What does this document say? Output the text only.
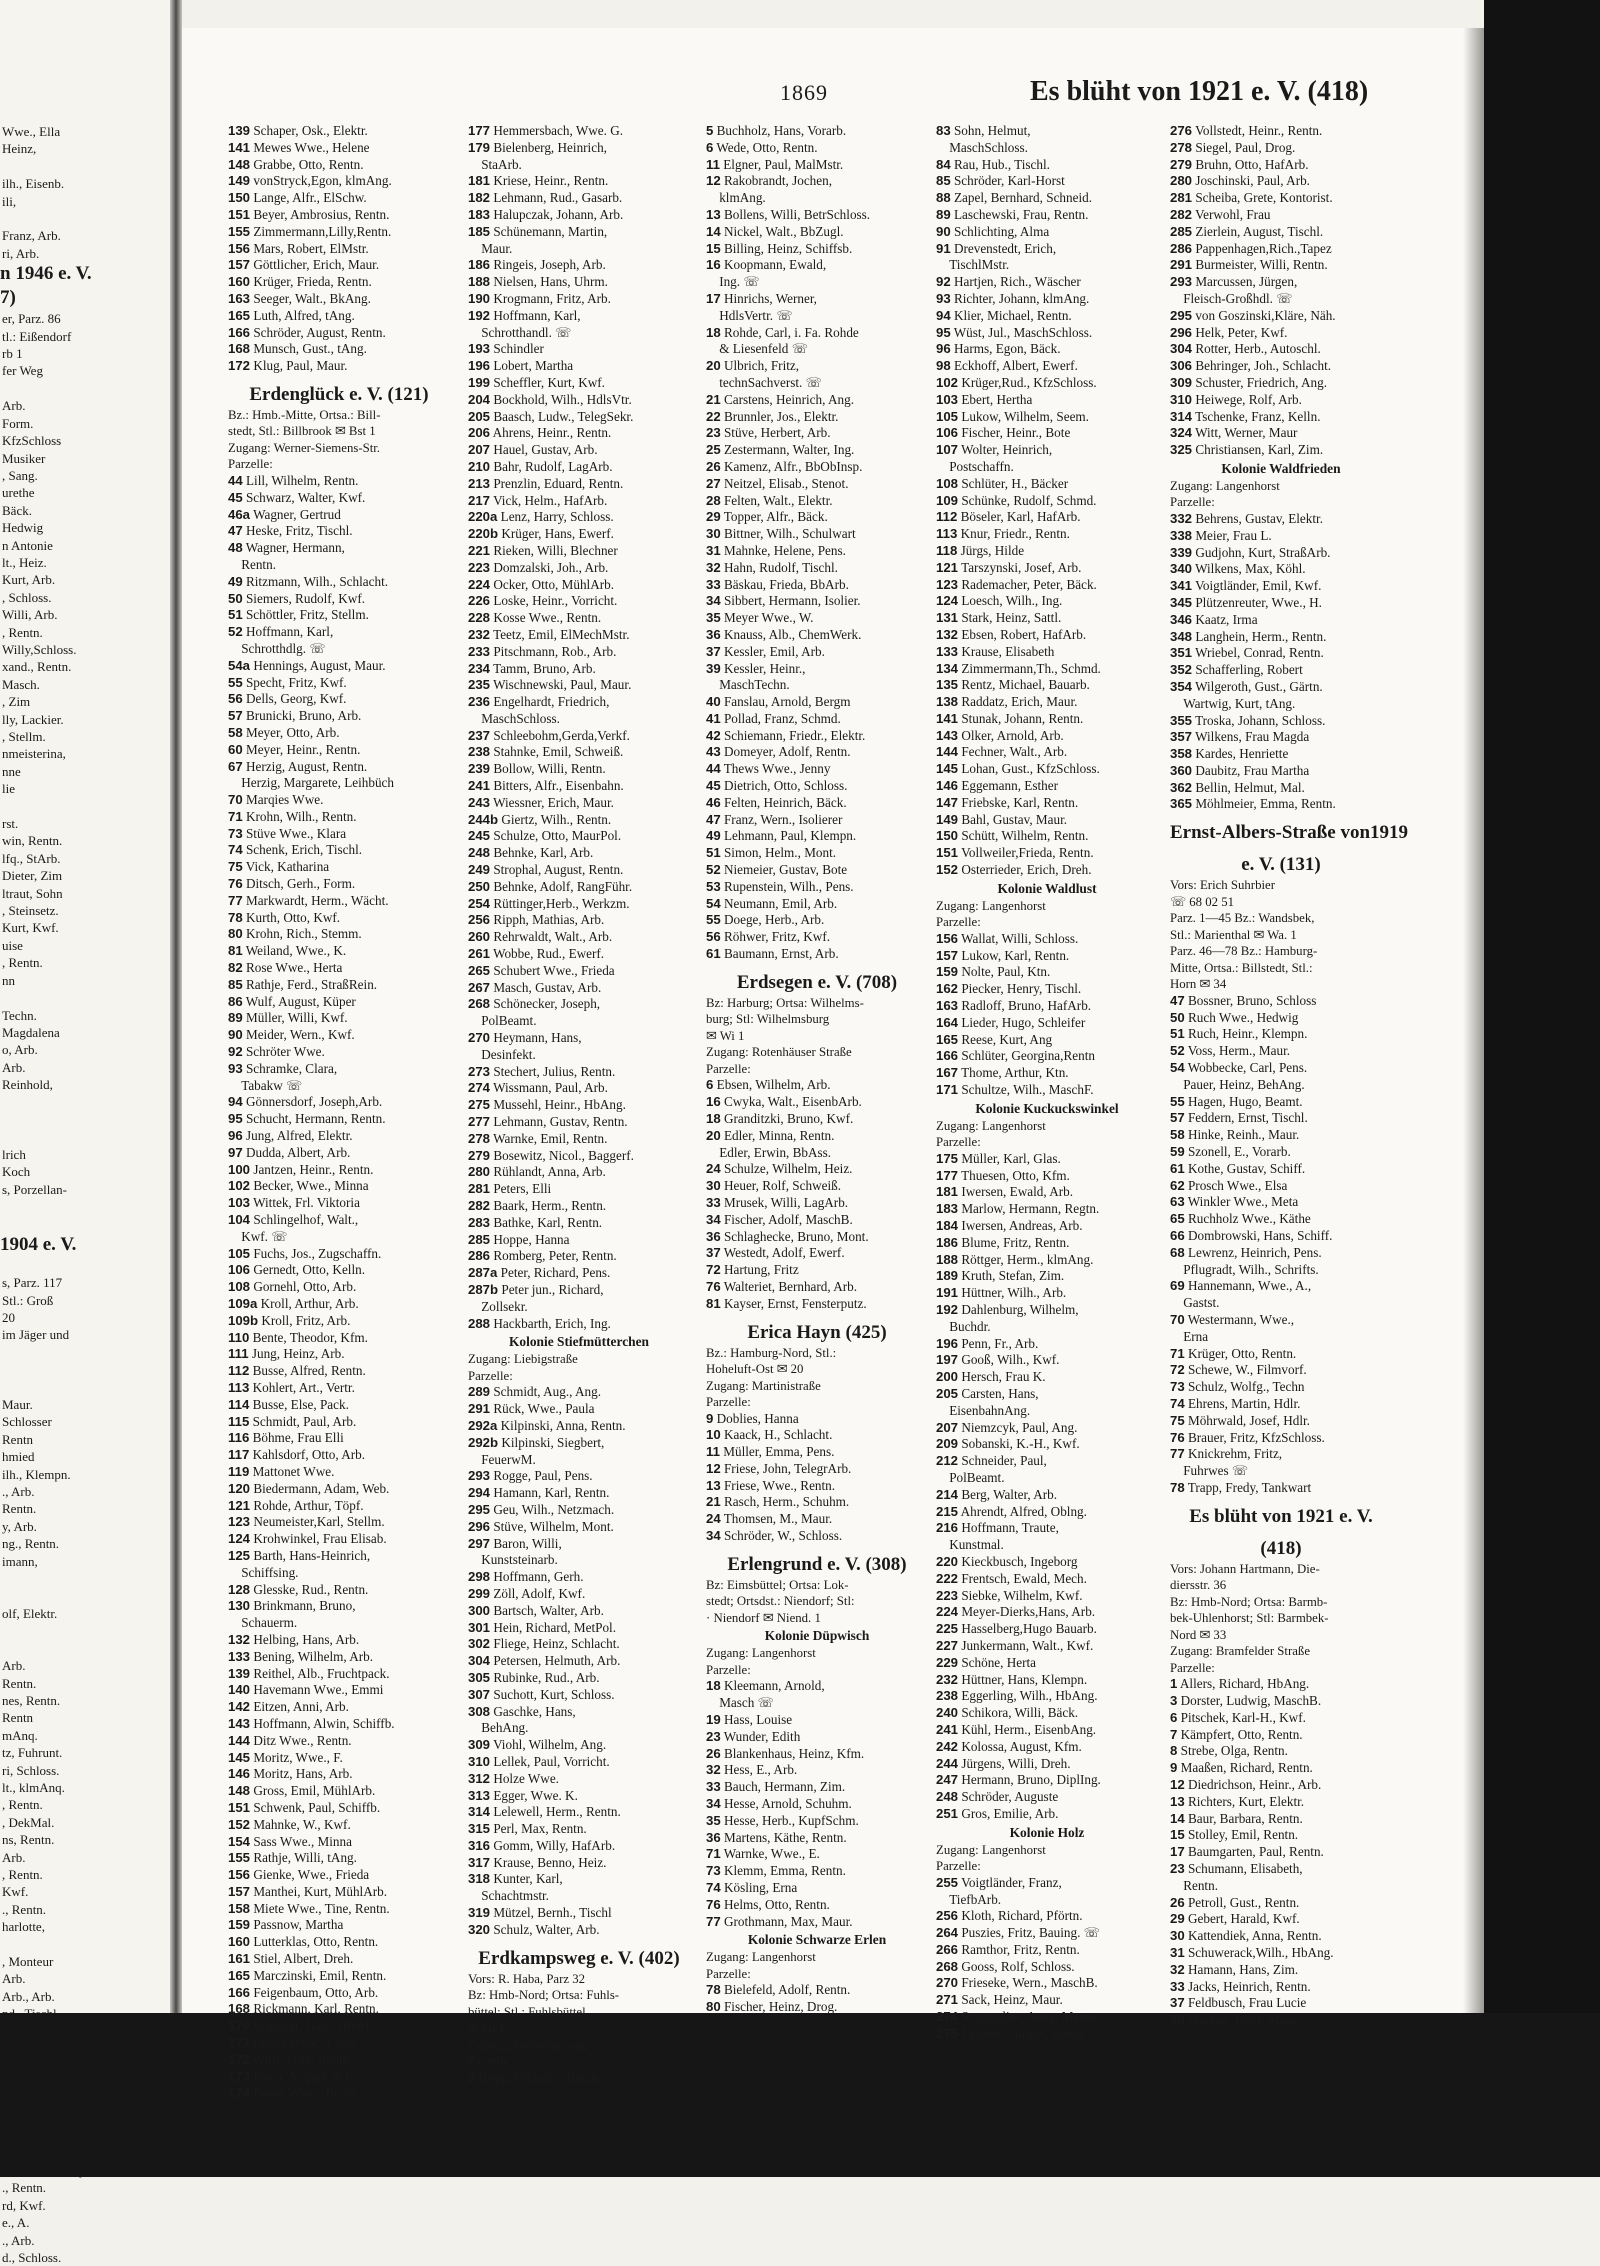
Wwe., Ella
Heinz,

ilh., Eisenb.
ili,

Franz, Arb.
ri, Arb.
n 1946 e. V.
7)
er, Parz. 86
tl.: Eißendorf
rb 1
fer Weg

Arb.
Form.
KfzSchloss
Musiker
, Sang.
urethe
Bäck.
Hedwig
n Antonie
lt., Heiz.
Kurt, Arb.
, Schloss.
Willi, Arb.
, Rentn.
Willy,Schloss.
xand., Rentn.
Masch.
, Zim
lly, Lackier.
, Stellm.
nmeisterina,
nne
lie

rst.
win, Rentn.
lfq., StArb.
Dieter, Zim
ltraut, Sohn
, Steinsetz.
Kurt, Kwf.
uise
, Rentn.
nn

Techn.
Magdalena
o, Arb.
Arb.
Reinhold,

lrich
Koch
s, Porzellan-

1904 e. V.

s, Parz. 117
Stl.: Groß
20
im Jäger und

Maur.
Schlosser
Rentn
hmied
ilh., Klempn.
., Arb.
Rentn.
y, Arb.
ng., Rentn.
imann,

olf, Elektr.

Arb.
Rentn.
nes, Rentn.
Rentn
mAnq.
tz, Fuhrunt.
ri, Schloss.
lt., klmAnq.
, Rentn.
, DekMal.
ns, Rentn.
Arb.
, Rentn.
Kwf.
., Rentn.
harlotte,

, Monteur
Arb.
Arb., Arb.
., Rentn.
rd, Kwf.
e., A.
., Arb.
d., Schloss.
1869	Es blüht von 1921 e. V. (418)
139 Schaper, Osk., Elektr.
141 Mewes Wwe., Helene
148 Grabbe, Otto, Rentn.
149 vonStryck,Egon, klmAng.
150 Lange, Alfr., ElSchw.
151 Beyer, Ambrosius, Rentn.
155 Zimmermann,Lilly,Rentn.
156 Mars, Robert, ElMstr.
157 Göttlicher, Erich, Maur.
160 Krüger, Frieda, Rentn.
163 Seeger, Walt., BkAng.
165 Luth, Alfred, tAng.
166 Schröder, August, Rentn.
168 Munsch, Gust., tAng.
172 Klug, Paul, Maur.
Erdenglück e. V. (121)
Bz.: Hmb.-Mitte, Ortsa.: Bill-
stedt, Stl.: Billbrook ✉ Bst 1
Zugang: Werner-Siemens-Str.
Parzelle:
44 Lill, Wilhelm, Rentn.
45 Schwarz, Walter, Kwf.
46a Wagner, Gertrud
47 Heske, Fritz, Tischl.
48 Wagner, Hermann,
Rentn.
49 Ritzmann, Wilh., Schlacht.
50 Siemers, Rudolf, Kwf.
51 Schöttler, Fritz, Stellm.
52 Hoffmann, Karl,
Schrotthdlg. ☏
54a Hennings, August, Maur.
55 Specht, Fritz, Kwf.
56 Dells, Georg, Kwf.
57 Brunicki, Bruno, Arb.
58 Meyer, Otto, Arb.
60 Meyer, Heinr., Rentn.
67 Herzig, August, Rentn.
Herzig, Margarete, Leihbüch
70 Marqies Wwe.
71 Krohn, Wilh., Rentn.
73 Stüve Wwe., Klara
74 Schenk, Erich, Tischl.
75 Vick, Katharina
76 Ditsch, Gerh., Form.
77 Markwardt, Herm., Wächt.
78 Kurth, Otto, Kwf.
80 Krohn, Rich., Stemm.
81 Weiland, Wwe., K.
82 Rose Wwe., Herta
85 Rathje, Ferd., StraßRein.
86 Wulf, August, Küper
89 Müller, Willi, Kwf.
90 Meider, Wern., Kwf.
92 Schröter Wwe.
93 Schramke, Clara,
Tabakw ☏
94 Gönnersdorf, Joseph,Arb.
95 Schucht, Hermann, Rentn.
96 Jung, Alfred, Elektr.
97 Dudda, Albert, Arb.
100 Jantzen, Heinr., Rentn.
102 Becker, Wwe., Minna
103 Wittek, Frl. Viktoria
104 Schlingelhof, Walt.,
Kwf. ☏
105 Fuchs, Jos., Zugschaffn.
106 Gernedt, Otto, Kelln.
108 Gornehl, Otto, Arb.
109a Kroll, Arthur, Arb.
109b Kroll, Fritz, Arb.
110 Bente, Theodor, Kfm.
111 Jung, Heinz, Arb.
112 Busse, Alfred, Rentn.
113 Kohlert, Art., Vertr.
114 Busse, Else, Pack.
115 Schmidt, Paul, Arb.
116 Böhme, Frau Elli
117 Kahlsdorf, Otto, Arb.
119 Mattonet Wwe.
120 Biedermann, Adam, Web.
121 Rohde, Arthur, Töpf.
123 Neumeister,Karl, Stellm.
124 Krohwinkel, Frau Elisab.
125 Barth, Hans-Heinrich,
Schiffsing.
128 Glesske, Rud., Rentn.
130 Brinkmann, Bruno,
Schauerm.
132 Helbing, Hans, Arb.
133 Bening, Wilhelm, Arb.
139 Reithel, Alb., Fruchtpack.
140 Havemann Wwe., Emmi
142 Eitzen, Anni, Arb.
143 Hoffmann, Alwin, Schiffb.
144 Ditz Wwe., Rentn.
145 Moritz, Wwe., F.
146 Moritz, Hans, Arb.
148 Gross, Emil, MühlArb.
151 Schwenk, Paul, Schiffb.
152 Mahnke, W., Kwf.
154 Sass Wwe., Minna
155 Rathje, Willi, tAng.
156 Gienke, Wwe., Frieda
157 Manthei, Kurt, MühlArb.
158 Miete Wwe., Tine, Rentn.
159 Passnow, Martha
160 Lutterklas, Otto, Rentn.
161 Stiel, Albert, Dreh.
165 Marczinski, Emil, Rentn.
166 Feigenbaum, Otto, Arb.
168 Rickmann, Karl, Rentn.
170 Schlecht, Hans, tBetrLtr.
171 Leiser Wwe., Clara
172 Wulf, Fritz, Rentn.
173 Koch, August, Arb.
174 Braak Wwe., Rentn.
177 Hemmersbach, Wwe. G.
179 Bielenberg, Heinrich,
StaArb.
181 Kriese, Heinr., Rentn.
182 Lehmann, Rud., Gasarb.
183 Halupczak, Johann, Arb.
185 Schünemann, Martin,
Maur.
186 Ringeis, Joseph, Arb.
188 Nielsen, Hans, Uhrm.
190 Krogmann, Fritz, Arb.
192 Hoffmann, Karl,
Schrotthandl. ☏
193 Schindler
196 Lobert, Martha
199 Scheffler, Kurt, Kwf.
204 Bockhold, Wilh., HdlsVtr.
205 Baasch, Ludw., TelegSekr.
206 Ahrens, Heinr., Rentn.
207 Hauel, Gustav, Arb.
210 Bahr, Rudolf, LagArb.
213 Prenzlin, Eduard, Rentn.
217 Vick, Helm., HafArb.
220a Lenz, Harry, Schloss.
220b Krüger, Hans, Ewerf.
221 Rieken, Willi, Blechner
223 Domzalski, Joh., Arb.
224 Ocker, Otto, MühlArb.
226 Loske, Heinr., Vorricht.
228 Kosse Wwe., Rentn.
232 Teetz, Emil, ElMechMstr.
233 Pitschmann, Rob., Arb.
234 Tamm, Bruno, Arb.
235 Wischnewski, Paul, Maur.
236 Engelhardt, Friedrich,
MaschSchloss.
237 Schleebohm,Gerda,Verkf.
238 Stahnke, Emil, Schweiß.
239 Bollow, Willi, Rentn.
241 Bitters, Alfr., Eisenbahn.
243 Wiessner, Erich, Maur.
244b Giertz, Wilh., Rentn.
245 Schulze, Otto, MaurPol.
248 Behnke, Karl, Arb.
249 Strophal, August, Rentn.
250 Behnke, Adolf, RangFühr.
254 Rüttinger,Herb., Werkzm.
256 Ripph, Mathias, Arb.
260 Rehrwaldt, Walt., Arb.
261 Wobbe, Rud., Ewerf.
265 Schubert Wwe., Frieda
267 Masch, Gustav, Arb.
268 Schönecker, Joseph,
PolBeamt.
270 Heymann, Hans,
Desinfekt.
273 Stechert, Julius, Rentn.
274 Wissmann, Paul, Arb.
275 Mussehl, Heinr., HbAng.
277 Lehmann, Gustav, Rentn.
278 Warnke, Emil, Rentn.
279 Bosewitz, Nicol., Baggerf.
280 Rühlandt, Anna, Arb.
281 Peters, Elli
282 Baark, Herm., Rentn.
283 Bathke, Karl, Rentn.
285 Hoppe, Hanna
286 Romberg, Peter, Rentn.
287a Peter, Richard, Pens.
287b Peter jun., Richard,
Zollsekr.
288 Hackbarth, Erich, Ing.
Kolonie Stiefmütterchen
Zugang: Liebigstraße
Parzelle:
289 Schmidt, Aug., Ang.
291 Rück, Wwe., Paula
292a Kilpinski, Anna, Rentn.
292b Kilpinski, Siegbert,
FeuerwM.
293 Rogge, Paul, Pens.
294 Hamann, Karl, Rentn.
295 Geu, Wilh., Netzmach.
296 Stüve, Wilhelm, Mont.
297 Baron, Willi,
Kunststeinarb.
298 Hoffmann, Gerh.
299 Zöll, Adolf, Kwf.
300 Bartsch, Walter, Arb.
301 Hein, Richard, MetPol.
302 Fliege, Heinz, Schlacht.
304 Petersen, Helmuth, Arb.
305 Rubinke, Rud., Arb.
307 Suchott, Kurt, Schloss.
308 Gaschke, Hans,
BehAng.
309 Viohl, Wilhelm, Ang.
310 Lellek, Paul, Vorricht.
312 Holze Wwe.
313 Egger, Wwe. K.
314 Lelewell, Herm., Rentn.
315 Perl, Max, Rentn.
316 Gomm, Willy, HafArb.
317 Krause, Benno, Heiz.
318 Kunter, Karl,
Schachtmstr.
319 Mützel, Bernh., Tischl
320 Schulz, Walter, Arb.
Erdkampsweg e. V. (402)
Vors: R. Haba, Parz 32
Bz: Hmb-Nord; Ortsa: Fuhls-
büttel; Stl.: Fuhlsbüttel
✉ Fu 1
Zugang: Erdkampsweg
Parzelle:
3 Kopp, Wilhelm, Rentn.
5 Buchholz, Hans, Vorarb.
6 Wede, Otto, Rentn.
11 Elgner, Paul, MalMstr.
12 Rakobrandt, Jochen,
klmAng.
13 Bollens, Willi, BetrSchloss.
14 Nickel, Walt., BbZugl.
15 Billing, Heinz, Schiffsb.
16 Koopmann, Ewald,
Ing. ☏
17 Hinrichs, Werner,
HdlsVertr. ☏
18 Rohde, Carl, i. Fa. Rohde
& Liesenfeld ☏
20 Ulbrich, Fritz,
technSachverst. ☏
21 Carstens, Heinrich, Ang.
22 Brunnler, Jos., Elektr.
23 Stüve, Herbert, Arb.
25 Zestermann, Walter, Ing.
26 Kamenz, Alfr., BbObInsp.
27 Neitzel, Elisab., Stenot.
28 Felten, Walt., Elektr.
29 Topper, Alfr., Bäck.
30 Bittner, Wilh., Schulwart
31 Mahnke, Helene, Pens.
32 Hahn, Rudolf, Tischl.
33 Bäskau, Frieda, BbArb.
34 Sibbert, Hermann, Isolier.
35 Meyer Wwe., W.
36 Knauss, Alb., ChemWerk.
37 Kessler, Emil, Arb.
39 Kessler, Heinr.,
MaschTechn.
40 Fanslau, Arnold, Bergm
41 Pollad, Franz, Schmd.
42 Schiemann, Friedr., Elektr.
43 Domeyer, Adolf, Rentn.
44 Thews Wwe., Jenny
45 Dietrich, Otto, Schloss.
46 Felten, Heinrich, Bäck.
47 Franz, Wern., Isolierer
49 Lehmann, Paul, Klempn.
51 Simon, Helm., Mont.
52 Niemeier, Gustav, Bote
53 Rupenstein, Wilh., Pens.
54 Neumann, Emil, Arb.
55 Doege, Herb., Arb.
56 Röhwer, Fritz, Kwf.
61 Baumann, Ernst, Arb.
Erdsegen e. V. (708)
Bz: Harburg; Ortsa: Wilhelms-
burg; Stl: Wilhelmsburg
✉ Wi 1
Zugang: Rotenhäuser Straße
Parzelle:
6 Ebsen, Wilhelm, Arb.
16 Cwyka, Walt., EisenbArb.
18 Granditzki, Bruno, Kwf.
20 Edler, Minna, Rentn.
Edler, Erwin, BbAss.
24 Schulze, Wilhelm, Heiz.
30 Heuer, Rolf, Schweiß.
33 Mrusek, Willi, LagArb.
34 Fischer, Adolf, MaschB.
36 Schlaghecke, Bruno, Mont.
37 Westedt, Adolf, Ewerf.
72 Hartung, Fritz
76 Walteriet, Bernhard, Arb.
81 Kayser, Ernst, Fensterputz.
Erica Hayn (425)
Bz.: Hamburg-Nord, Stl.:
Hoheluft-Ost ✉ 20
Zugang: Martinistraße
Parzelle:
9 Doblies, Hanna
10 Kaack, H., Schlacht.
11 Müller, Emma, Pens.
12 Friese, John, TelegrArb.
13 Friese, Wwe., Rentn.
21 Rasch, Herm., Schuhm.
24 Thomsen, M., Maur.
34 Schröder, W., Schloss.
Erlengrund e. V. (308)
Bz: Eimsbüttel; Ortsa: Lok-
stedt; Ortsdst.: Niendorf; Stl:
· Niendorf ✉ Niend. 1
Kolonie Düpwisch
Zugang: Langenhorst
Parzelle:
18 Kleemann, Arnold,
Masch ☏
19 Hass, Louise
23 Wunder, Edith
26 Blankenhaus, Heinz, Kfm.
32 Hess, E., Arb.
33 Bauch, Hermann, Zim.
34 Hesse, Arnold, Schuhm.
35 Hesse, Herb., KupfSchm.
36 Martens, Käthe, Rentn.
71 Warnke, Wwe., E.
73 Klemm, Emma, Rentn.
74 Kösling, Erna
76 Helms, Otto, Rentn.
77 Grothmann, Max, Maur.
Kolonie Schwarze Erlen
Zugang: Langenhorst
Parzelle:
78 Bielefeld, Adolf, Rentn.
80 Fischer, Heinz, Drog.
83 Sohn, Helmut,
MaschSchloss.
84 Rau, Hub., Tischl.
85 Schröder, Karl-Horst
88 Zapel, Bernhard, Schneid.
89 Laschewski, Frau, Rentn.
90 Schlichting, Alma
91 Drevenstedt, Erich,
TischlMstr.
92 Hartjen, Rich., Wäscher
93 Richter, Johann, klmAng.
94 Klier, Michael, Rentn.
95 Wüst, Jul., MaschSchloss.
96 Harms, Egon, Bäck.
98 Eckhoff, Albert, Ewerf.
102 Krüger,Rud., KfzSchloss.
103 Ebert, Hertha
105 Lukow, Wilhelm, Seem.
106 Fischer, Heinr., Bote
107 Wolter, Heinrich,
Postschaffn.
108 Schlüter, H., Bäcker
109 Schünke, Rudolf, Schmd.
112 Böseler, Karl, HafArb.
113 Knur, Friedr., Rentn.
118 Jürgs, Hilde
121 Tarszynski, Josef, Arb.
123 Rademacher, Peter, Bäck.
124 Loesch, Wilh., Ing.
131 Stark, Heinz, Sattl.
132 Ebsen, Robert, HafArb.
133 Krause, Elisabeth
134 Zimmermann,Th., Schmd.
135 Rentz, Michael, Bauarb.
138 Raddatz, Erich, Maur.
141 Stunak, Johann, Rentn.
143 Olker, Arnold, Arb.
144 Fechner, Walt., Arb.
145 Lohan, Gust., KfzSchloss.
146 Eggemann, Esther
147 Friebske, Karl, Rentn.
149 Bahl, Gustav, Maur.
150 Schütt, Wilhelm, Rentn.
151 Vollweiler,Frieda, Rentn.
152 Osterrieder, Erich, Dreh.
Kolonie Waldlust
Zugang: Langenhorst
Parzelle:
156 Wallat, Willi, Schloss.
157 Lukow, Karl, Rentn.
159 Nolte, Paul, Ktn.
162 Piecker, Henry, Tischl.
163 Radloff, Bruno, HafArb.
164 Lieder, Hugo, Schleifer
165 Reese, Kurt, Ang
166 Schlüter, Georgina,Rentn
167 Thome, Arthur, Ktn.
171 Schultze, Wilh., MaschF.
Kolonie Kuckuckswinkel
Zugang: Langenhorst
Parzelle:
175 Müller, Karl, Glas.
177 Thuesen, Otto, Kfm.
181 Iwersen, Ewald, Arb.
183 Marlow, Hermann, Regtn.
184 Iwersen, Andreas, Arb.
186 Blume, Fritz, Rentn.
188 Röttger, Herm., klmAng.
189 Kruth, Stefan, Zim.
191 Hüttner, Wilh., Arb.
192 Dahlenburg, Wilhelm,
Buchdr.
196 Penn, Fr., Arb.
197 Gooß, Wilh., Kwf.
200 Hersch, Frau K.
205 Carsten, Hans,
EisenbahnAng.
207 Niemzcyk, Paul, Ang.
209 Sobanski, K.-H., Kwf.
212 Schneider, Paul,
PolBeamt.
214 Berg, Walter, Arb.
215 Ahrendt, Alfred, Oblng.
216 Hoffmann, Traute,
Kunstmal.
220 Kieckbusch, Ingeborg
222 Frentsch, Ewald, Mech.
223 Siebke, Wilhelm, Kwf.
224 Meyer-Dierks,Hans, Arb.
225 Hasselberg,Hugo Bauarb.
227 Junkermann, Walt., Kwf.
229 Schöne, Herta
232 Hüttner, Hans, Klempn.
238 Eggerling, Wilh., HbAng.
240 Schikora, Willi, Bäck.
241 Kühl, Herm., EisenbAng.
242 Kolossa, August, Kfm.
244 Jürgens, Willi, Dreh.
247 Hermann, Bruno, DiplIng.
248 Schröder, Auguste
251 Gros, Emilie, Arb.
Kolonie Holz
Zugang: Langenhorst
Parzelle:
255 Voigtländer, Franz,
TiefbArb.
256 Kloth, Richard, Pförtn.
264 Puszies, Fritz, Bauing. ☏
266 Ramthor, Fritz, Rentn.
268 Gooss, Rolf, Schloss.
270 Frieseke, Wern., MaschB.
271 Sack, Heinz, Maur.
274 Strangulies, Anna, Mams.
275 Lefebre, Gustav, Rentn.
276 Vollstedt, Heinr., Rentn.
278 Siegel, Paul, Drog.
279 Bruhn, Otto, HafArb.
280 Joschinski, Paul, Arb.
281 Scheiba, Grete, Kontorist.
282 Verwohl, Frau
285 Zierlein, August, Tischl.
286 Pappenhagen,Rich.,Tapez
291 Burmeister, Willi, Rentn.
293 Marcussen, Jürgen,
Fleisch-Großhdl. ☏
295 von Goszinski,Kläre, Näh.
296 Helk, Peter, Kwf.
304 Rotter, Herb., Autoschl.
306 Behringer, Joh., Schlacht.
309 Schuster, Friedrich, Ang.
310 Heiwege, Rolf, Arb.
314 Tschenke, Franz, Kelln.
324 Witt, Werner, Maur
325 Christiansen, Karl, Zim.
Kolonie Waldfrieden
Zugang: Langenhorst
Parzelle:
332 Behrens, Gustav, Elektr.
338 Meier, Frau L.
339 Gudjohn, Kurt, StraßArb.
340 Wilkens, Max, Köhl.
341 Voigtländer, Emil, Kwf.
345 Plützenreuter, Wwe., H.
346 Kaatz, Irma
348 Langhein, Herm., Rentn.
351 Wriebel, Conrad, Rentn.
352 Schafferling, Robert
354 Wilgeroth, Gust., Gärtn.
Wartwig, Kurt, tAng.
355 Troska, Johann, Schloss.
357 Wilkens, Frau Magda
358 Kardes, Henriette
360 Daubitz, Frau Martha
362 Bellin, Helmut, Mal.
365 Möhlmeier, Emma, Rentn.
Ernst-Albers-Straße von1919
e. V. (131)
Vors: Erich Suhrbier
☏ 68 02 51
Parz. 1—45 Bz.: Wandsbek,
Stl.: Marienthal ✉ Wa. 1
Parz. 46—78 Bz.: Hamburg-
Mitte, Ortsa.: Billstedt, Stl.:
Horn ✉ 34
47 Bossner, Bruno, Schloss
50 Ruch Wwe., Hedwig
51 Ruch, Heinr., Klempn.
52 Voss, Herm., Maur.
54 Wobbecke, Carl, Pens.
Pauer, Heinz, BehAng.
55 Hagen, Hugo, Beamt.
57 Feddern, Ernst, Tischl.
58 Hinke, Reinh., Maur.
59 Szonell, E., Vorarb.
61 Kothe, Gustav, Schiff.
62 Prosch Wwe., Elsa
63 Winkler Wwe., Meta
65 Ruchholz Wwe., Käthe
66 Dombrowski, Hans, Schiff.
68 Lewrenz, Heinrich, Pens.
Pflugradt, Wilh., Schrifts.
69 Hannemann, Wwe., A.,
Gastst.
70 Westermann, Wwe.,
Erna
71 Krüger, Otto, Rentn.
72 Schewe, W., Filmvorf.
73 Schulz, Wolfg., Techn
74 Ehrens, Martin, Hdlr.
75 Möhrwald, Josef, Hdlr.
76 Brauer, Fritz, KfzSchloss.
77 Knickrehm, Fritz,
Fuhrwes ☏
78 Trapp, Fredy, Tankwart
Es blüht von 1921 e. V.
(418)
Vors: Johann Hartmann, Die-
diersstr. 36
Bz: Hmb-Nord; Ortsa: Barmb-
bek-Uhlenhorst; Stl: Barmbek-
Nord ✉ 33
Zugang: Bramfelder Straße
Parzelle:
1 Allers, Richard, HbAng.
3 Dorster, Ludwig, MaschB.
6 Pitschek, Karl-H., Kwf.
7 Kämpfert, Otto, Rentn.
8 Strebe, Olga, Rentn.
9 Maaßen, Richard, Rentn.
12 Diedrichson, Heinr., Arb.
13 Richters, Kurt, Elektr.
14 Baur, Barbara, Rentn.
15 Stolley, Emil, Rentn.
17 Baumgarten, Paul, Rentn.
23 Schumann, Elisabeth,
Rentn.
26 Petroll, Gust., Rentn.
29 Gebert, Harald, Kwf.
30 Kattendiek, Anna, Rentn.
31 Schuwerack,Wilh., HbAng.
32 Hamann, Hans, Zim.
33 Jacks, Heinrich, Rentn.
37 Feldbusch, Frau Lucie
38 Wahner, Josef, Maur.
